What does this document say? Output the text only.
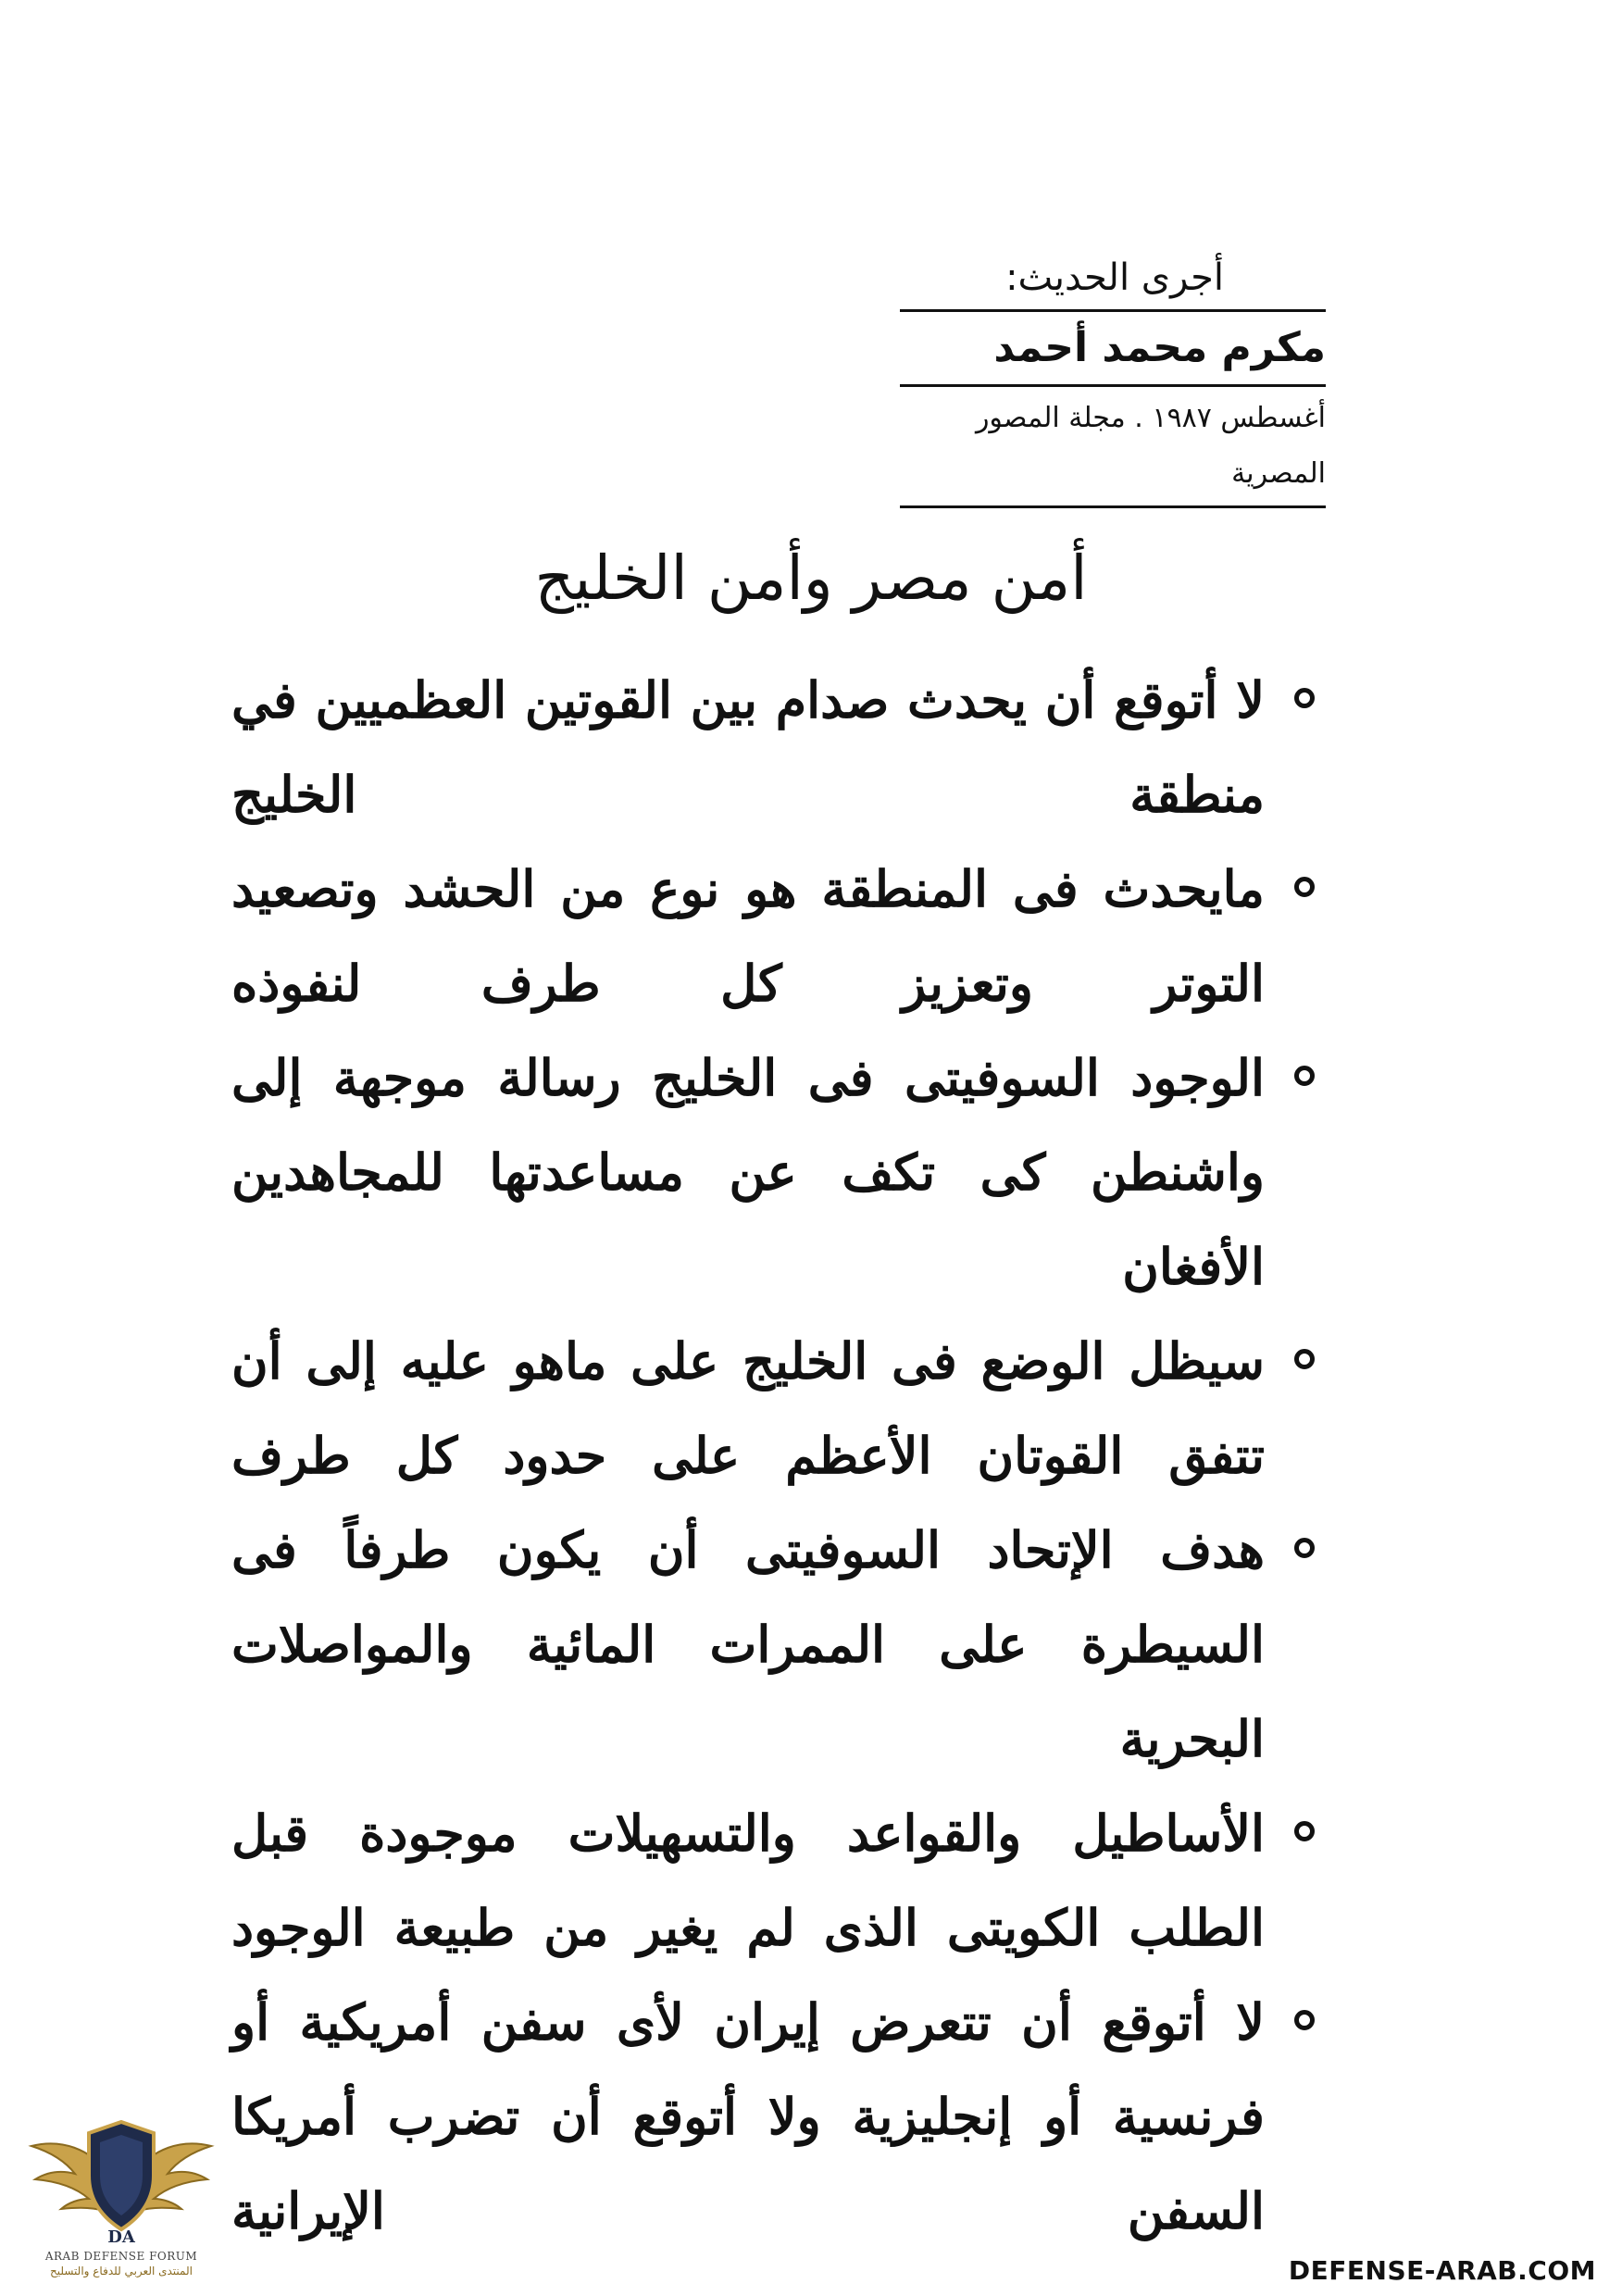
أجرى الحديث:
مكرم محمد أحمد
أغسطس ١٩٨٧ . مجلة المصور المصرية
أمن مصر وأمن الخليج
لا أتوقع أن يحدث صدام بين القوتين العظميين في منطقة الخليج
مايحدث فى المنطقة هو نوع من الحشد وتصعيد التوتر وتعزيز كل طرف لنفوذه
الوجود السوفيتى فى الخليج رسالة موجهة إلى واشنطن كى تكف عن مساعدتها للمجاهدين الأفغان
سيظل الوضع فى الخليج على ماهو عليه إلى أن تتفق القوتان الأعظم على حدود كل طرف
هدف الإتحاد السوفيتى أن يكون طرفاً فى السيطرة على الممرات المائية والمواصلات البحرية
الأساطيل والقواعد والتسهيلات موجودة قبل الطلب الكويتى الذى لم يغير من طبيعة الوجود
لا أتوقع أن تتعرض إيران لأى سفن أمريكية أو فرنسية أو إنجليزية ولا أتوقع أن تضرب أمريكا السفن الإيرانية
DA
ARAB DEFENSE FORUM
المنتدى العربي للدفاع والتسليح	DEFENSE-ARAB.COM
